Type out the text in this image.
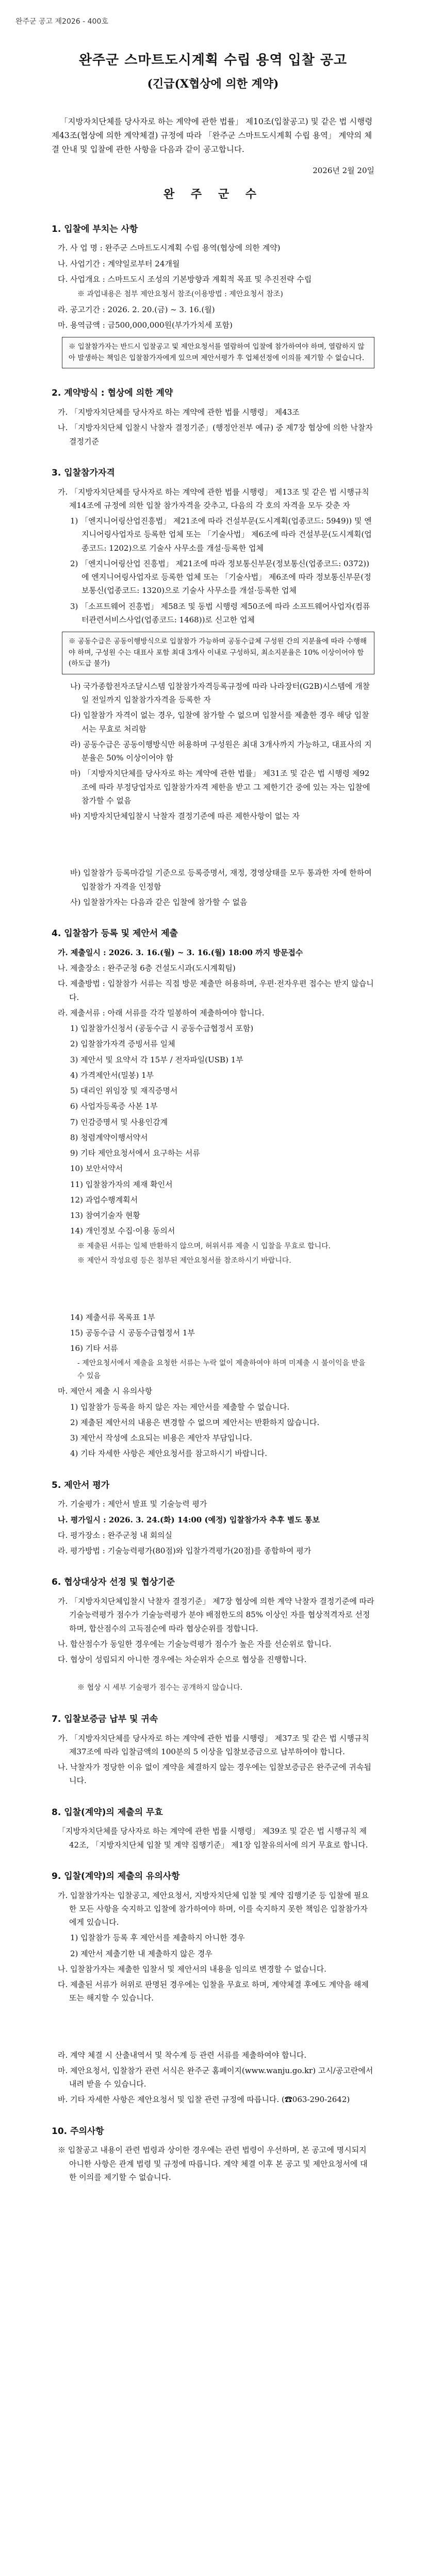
완주군 공고 제2026 - 400호
완주군 스마트도시계획 수립 용역 입찰 공고
(긴급(X협상에 의한 계약)

「지방자치단체를 당사자로 하는 계약에 관한 법률」 제10조(입찰공고) 및 같은 법 시행령 제43조(협상에 의한 계약체결) 규정에 따라 「완주군 스마트도시계획 수립 용역」 계약의 체결 안내 및 입찰에 관한 사항을 다음과 같이 공고합니다.

2026년 2월 20일
완 주 군 수
1. 입찰에 부치는 사항
가. 사 업 명 : 완주군 스마트도시계획 수립 용역(협상에 의한 계약)
나. 사업기간 : 계약일로부터 24개월
다. 사업개요 : 스마트도시 조성의 기본방향과 계획적 목표 및 추진전략 수립
※ 과업내용은 첨부 제안요청서 참조(이용방법 : 제안요청서 참조)
라. 공고기간 : 2026. 2. 20.(금) ~ 3. 16.(월)
마. 용역금액 : 금500,000,000원(부가가치세 포함)
※ 입찰참가자는 반드시 입찰공고 및 제안요청서를 열람하여 입찰에 참가하여야 하며, 열람하지 않아 발생하는 책임은 입찰참가자에게 있으며 제안서평가 후 업체선정에 이의를 제기할 수 없습니다.
2. 계약방식 : 협상에 의한 계약
가. 「지방자치단체를 당사자로 하는 계약에 관한 법률 시행령」 제43조
나. 「지방자치단체 입찰시 낙찰자 결정기준」(행정안전부 예규) 중 제7장 협상에 의한 낙찰자 결정기준
3. 입찰참가자격
가. 「지방자치단체를 당사자로 하는 계약에 관한 법률 시행령」 제13조 및 같은 법 시행규칙 제14조에 규정에 의한 입찰 참가자격을 갖추고, 다음의 각 호의 자격을 모두 갖춘 자
1) 「엔지니어링산업진흥법」 제21조에 따라 건설부문(도시계획(업종코드: 5949)) 및 엔지니어링사업자로 등록한 업체 또는 「기술사법」 제6조에 따라 건설부문(도시계획(업종코드: 1202)으로 기술사 사무소를 개설·등록한 업체
2) 「엔지니어링산업 진흥법」 제21조에 따라 정보통신부문(정보통신(업종코드: 0372))에 엔지니어링사업자로 등록한 업체 또는 「기술사법」 제6조에 따라 정보통신부문(정보통신(업종코드: 1320)으로 기술사 사무소를 개설·등록한 업체
3) 「소프트웨어 진흥법」 제58조 및 동법 시행령 제50조에 따라 소프트웨어사업자(컴퓨터관련서비스사업(업종코드: 1468))로 신고한 업체
※ 공동수급은 공동이행방식으로 입찰참가 가능하며 공동수급체 구성원 간의 지분율에 따라 수행해야 하며, 구성원 수는 대표사 포함 최대 3개사 이내로 구성하되, 최소지분율은 10% 이상이어야 함 (하도급 불가)
나) 국가종합전자조달시스템 입찰참가자격등록규정에 따라 나라장터(G2B)시스템에 개찰일 전일까지 입찰참가자격을 등록한 자
다) 입찰참가 자격이 없는 경우, 입찰에 참가할 수 없으며 입찰서를 제출한 경우 해당 입찰서는 무효로 처리함
라) 공동수급은 공동이행방식만 허용하며 구성원은 최대 3개사까지 가능하고, 대표사의 지분율은 50% 이상이어야 함
마) 「지방자치단체를 당사자로 하는 계약에 관한 법률」 제31조 및 같은 법 시행령 제92조에 따라 부정당업자로 입찰참가자격 제한을 받고 그 제한기간 중에 있는 자는 입찰에 참가할 수 없음
바) 지방자치단체입찰시 낙찰자 결정기준에 따른 제한사항이 없는 자
바) 입찰참가 등록마감일 기준으로 등록증명서, 재정, 경영상태를 모두 통과한 자에 한하여 입찰참가 자격을 인정함
사) 입찰참가자는 다음과 같은 입찰에 참가할 수 없음
4. 입찰참가 등록 및 제안서 제출
가. 제출일시 : 2026. 3. 16.(월) ~ 3. 16.(월) 18:00 까지 방문접수
나. 제출장소 : 완주군청 6층 건설도시과(도시계획팀)
다. 제출방법 : 입찰참가 서류는 직접 방문 제출만 허용하며, 우편·전자우편 접수는 받지 않습니다.
라. 제출서류 : 아래 서류를 각각 밀봉하여 제출하여야 합니다.
1) 입찰참가신청서 (공동수급 시 공동수급협정서 포함)
2) 입찰참가자격 증빙서류 일체
3) 제안서 및 요약서 각 15부 / 전자파일(USB) 1부
4) 가격제안서(밀봉) 1부
5) 대리인 위임장 및 재직증명서
6) 사업자등록증 사본 1부
7) 인감증명서 및 사용인감계
8) 청렴계약이행서약서
9) 기타 제안요청서에서 요구하는 서류
10) 보안서약서
11) 입찰참가자의 제재 확인서
12) 과업수행계획서
13) 참여기술자 현황
14) 개인정보 수집·이용 동의서
※ 제출된 서류는 일체 반환하지 않으며, 허위서류 제출 시 입찰을 무효로 합니다.
※ 제안서 작성요령 등은 첨부된 제안요청서를 참조하시기 바랍니다.
14) 제출서류 목록표 1부
15) 공동수급 시 공동수급협정서 1부
16) 기타 서류
- 제안요청서에서 제출을 요청한 서류는 누락 없이 제출하여야 하며 미제출 시 불이익을 받을 수 있음
마. 제안서 제출 시 유의사항
1) 입찰참가 등록을 하지 않은 자는 제안서를 제출할 수 없습니다.
2) 제출된 제안서의 내용은 변경할 수 없으며 제안서는 반환하지 않습니다.
3) 제안서 작성에 소요되는 비용은 제안자 부담입니다.
4) 기타 자세한 사항은 제안요청서를 참고하시기 바랍니다.
5. 제안서 평가
가. 기술평가 : 제안서 발표 및 기술능력 평가
나. 평가일시 : 2026. 3. 24.(화) 14:00 (예정) 입찰참가자 추후 별도 통보
다. 평가장소 : 완주군청 내 회의실
라. 평가방법 : 기술능력평가(80점)와 입찰가격평가(20점)를 종합하여 평가
6. 협상대상자 선정 및 협상기준
가. 「지방자치단체입찰시 낙찰자 결정기준」 제7장 협상에 의한 계약 낙찰자 결정기준에 따라 기술능력평가 점수가 기술능력평가 분야 배점한도의 85% 이상인 자를 협상적격자로 선정하며, 합산점수의 고득점순에 따라 협상순위를 정합니다.
나. 합산점수가 동일한 경우에는 기술능력평가 점수가 높은 자를 선순위로 합니다.
다. 협상이 성립되지 아니한 경우에는 차순위자 순으로 협상을 진행합니다.
※ 협상 시 세부 기술평가 점수는 공개하지 않습니다.
7. 입찰보증금 납부 및 귀속
가. 「지방자치단체를 당사자로 하는 계약에 관한 법률 시행령」 제37조 및 같은 법 시행규칙 제37조에 따라 입찰금액의 100분의 5 이상을 입찰보증금으로 납부하여야 합니다.
나. 낙찰자가 정당한 이유 없이 계약을 체결하지 않는 경우에는 입찰보증금은 완주군에 귀속됩니다.
8. 입찰(계약)의 제출의 무효
「지방자치단체를 당사자로 하는 계약에 관한 법률 시행령」 제39조 및 같은 법 시행규칙 제42조, 「지방자치단체 입찰 및 계약 집행기준」 제1장 입찰유의서에 의거 무효로 합니다.
9. 입찰(계약)의 제출의 유의사항
가. 입찰참가자는 입찰공고, 제안요청서, 지방자치단체 입찰 및 계약 집행기준 등 입찰에 필요한 모든 사항을 숙지하고 입찰에 참가하여야 하며, 이를 숙지하지 못한 책임은 입찰참가자에게 있습니다.
1) 입찰참가 등록 후 제안서를 제출하지 아니한 경우
2) 제안서 제출기한 내 제출하지 않은 경우
나. 입찰참가자는 제출한 입찰서 및 제안서의 내용을 임의로 변경할 수 없습니다.
다. 제출된 서류가 허위로 판명된 경우에는 입찰을 무효로 하며, 계약체결 후에도 계약을 해제 또는 해지할 수 있습니다.
라. 계약 체결 시 산출내역서 및 착수계 등 관련 서류를 제출하여야 합니다.
마. 제안요청서, 입찰참가 관련 서식은 완주군 홈페이지(www.wanju.go.kr) 고시/공고란에서 내려 받을 수 있습니다.
바. 기타 자세한 사항은 제안요청서 및 입찰 관련 규정에 따릅니다. (☎063-290-2642)
10. 주의사항
※ 입찰공고 내용이 관련 법령과 상이한 경우에는 관련 법령이 우선하며, 본 공고에 명시되지 아니한 사항은 관계 법령 및 규정에 따릅니다. 계약 체결 이후 본 공고 및 제안요청서에 대한 이의를 제기할 수 없습니다.
